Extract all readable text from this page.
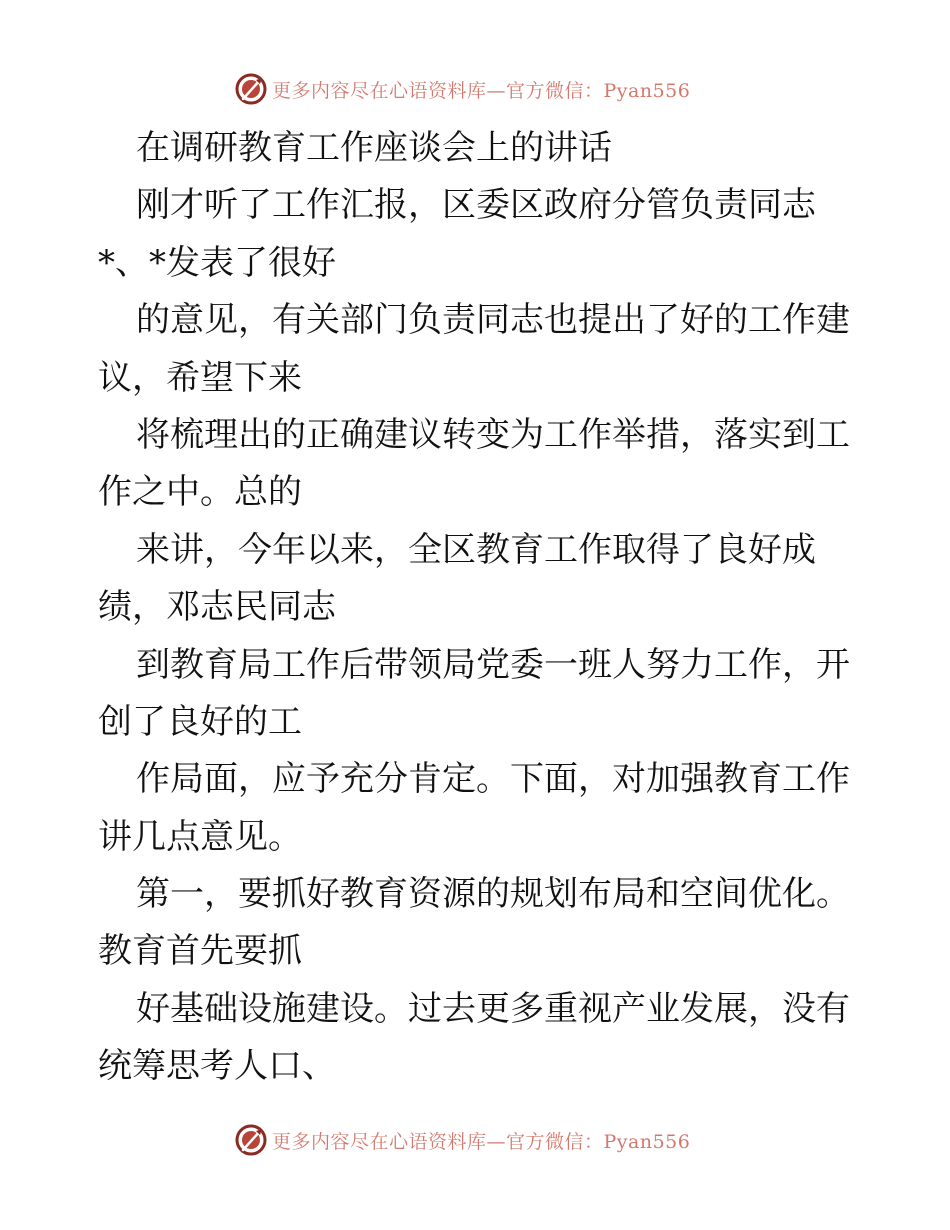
更多内容尽在心语资料库—官方微信：Pyan556

在调研教育工作座谈会上的讲话

刚才听了工作汇报，区委区政府分管负责同志

*、*发表了很好

的意见，有关部门负责同志也提出了好的工作建

议，希望下来

将梳理出的正确建议转变为工作举措，落实到工

作之中。总的

来讲，今年以来，全区教育工作取得了良好成

绩，邓志民同志

到教育局工作后带领局党委一班人努力工作，开

创了良好的工

作局面，应予充分肯定。下面，对加强教育工作

讲几点意见。

第一，要抓好教育资源的规划布局和空间优化。

教育首先要抓

好基础设施建设。过去更多重视产业发展，没有

统筹思考人口、

更多内容尽在心语资料库—官方微信：Pyan556
